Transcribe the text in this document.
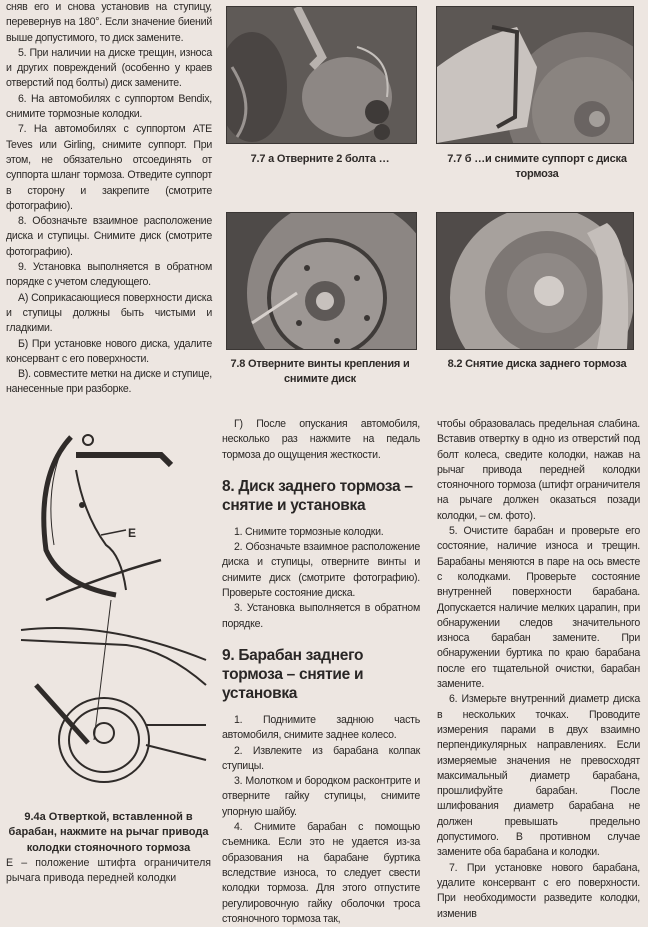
сняв его и снова установив на ступицу, перевернув на 180°. Если значение биений выше допустимого, то диск замените.

5. При наличии на диске трещин, износа и других повреждений (особенно у краев отверстий под болты) диск замените.

6. На автомобилях с суппортом Bendix, снимите тормозные колодки.

7. На автомобилях с суппортом ATE Teves или Girling, снимите суппорт. При этом, не обязательно отсоединять от суппорта шланг тормоза. Отведите суппорт в сторону и закрепите (смотрите фотографию).

8. Обозначьте взаимное расположение диска и ступицы. Снимите диск (смотрите фотографию).

9. Установка выполняется в обратном порядке с учетом следующего.

А) Соприкасающиеся поверхности диска и ступицы должны быть чистыми и гладкими.

Б) При установке нового диска, удалите консервант с его поверхности.

В). совместите метки на диске и ступице, нанесенные при разборке.

7.7 а Отверните 2 болта …	7.7 б …и снимите суппорт с диска тормоза
7.8 Отверните винты крепления и снимите диск
8.2 Снятие диска заднего тормоза
E

9.4а Отверткой, вставленной в барабан, нажмите на рычаг привода колодки стояночного тормоза

Е – положение штифта ограничителя рычага привода передней колодки

Г) После опускания автомобиля, несколько раз нажмите на педаль тормоза до ощущения жесткости.

8. Диск заднего тормоза – снятие и установка

1. Снимите тормозные колодки.

2. Обозначьте взаимное расположение диска и ступицы, отверните винты и снимите диск (смотрите фотографию). Проверьте состояние диска.

3. Установка выполняется в обратном порядке.

9. Барабан заднего тормоза – снятие и установка

1. Поднимите заднюю часть автомобиля, снимите заднее колесо.

2. Извлеките из барабана колпак ступицы.

3. Молотком и бородком расконтрите и отверните гайку ступицы, снимите упорную шайбу.

4. Снимите барабан с помощью съемника. Если это не удается из-за образования на барабане буртика вследствие износа, то следует свести колодки тормоза. Для этого отпустите регулировочную гайку оболочки троса стояночного тормоза так,

чтобы образовалась предельная слабина. Вставив отвертку в одно из отверстий под болт колеса, сведите колодки, нажав на рычаг привода передней колодки стояночного тормоза (штифт ограничителя на рычаге должен оказаться позади колодки, – см. фото).

5. Очистите барабан и проверьте его состояние, наличие износа и трещин. Барабаны меняются в паре на ось вместе с колодками. Проверьте состояние внутренней поверхности барабана. Допускается наличие мелких царапин, при обнаружении следов значительного износа барабан замените. При обнаружении буртика по краю барабана после его тщательной очистки, барабан замените.

6. Измерьте внутренний диаметр диска в нескольких точках. Проводите измерения парами в двух взаимно перпендикулярных направлениях. Если измеряемые значения не превосходят максимальный диаметр барабана, прошлифуйте барабан. После шлифования диаметр барабана не должен превышать предельно допустимого. В противном случае замените оба барабана и колодки.

7. При установке нового барабана, удалите консервант с его поверхности. При необходимости разведите колодки, изменив
